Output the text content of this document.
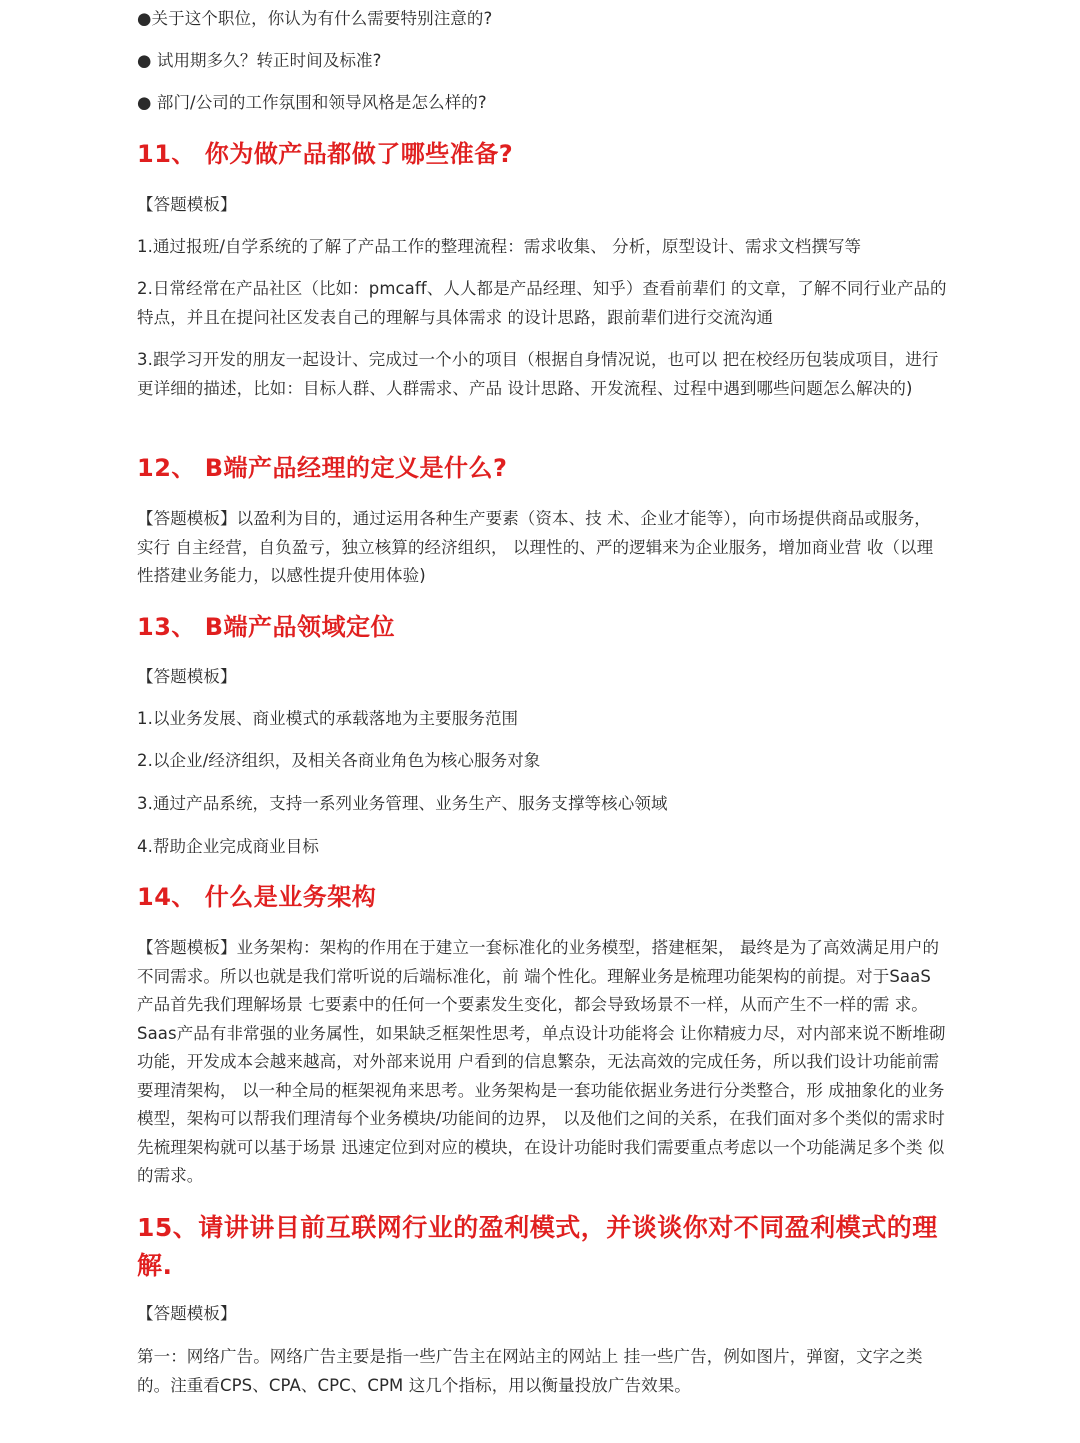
●关于这个职位，你认为有什么需要特别注意的?

● 试用期多久？转正时间及标准?

● 部门/公司的工作氛围和领导风格是怎么样的?

11、 你为做产品都做了哪些准备?

【答题模板】

1.通过报班/自学系统的了解了产品工作的整理流程：需求收集、 分析，原型设计、需求文档撰写等

2.日常经常在产品社区（比如：pmcaff、人人都是产品经理、知乎）查看前辈们 的文章，了解不同行业产品的特点，并且在提问社区发表自己的理解与具体需求 的设计思路，跟前辈们进行交流沟通

3.跟学习开发的朋友一起设计、完成过一个小的项目（根据自身情况说，也可以 把在校经历包装成项目，进行更详细的描述，比如：目标人群、人群需求、产品 设计思路、开发流程、过程中遇到哪些问题怎么解决的)

12、 B端产品经理的定义是什么?

【答题模板】以盈利为目的，通过运用各种生产要素（资本、技 术、企业才能等），向市场提供商品或服务，实行 自主经营，自负盈亏，独立核算的经济组织， 以理性的、严的逻辑来为企业服务，增加商业营 收（以理性搭建业务能力，以感性提升使用体验)

13、 B端产品领域定位

【答题模板】

1.以业务发展、商业模式的承载落地为主要服务范围

2.以企业/经济组织，及相关各商业角色为核心服务对象

3.通过产品系统，支持一系列业务管理、业务生产、服务支撑等核心领域

4.帮助企业完成商业目标

14、 什么是业务架构

【答题模板】业务架构：架构的作用在于建立一套标准化的业务模型，搭建框架， 最终是为了高效满足用户的不同需求。所以也就是我们常听说的后端标准化，前 端个性化。理解业务是梳理功能架构的前提。对于SaaS产品首先我们理解场景 七要素中的任何一个要素发生变化，都会导致场景不一样，从而产生不一样的需 求。Saas产品有非常强的业务属性，如果缺乏框架性思考，单点设计功能将会 让你精疲力尽，对内部来说不断堆砌功能，开发成本会越来越高，对外部来说用 户看到的信息繁杂，无法高效的完成任务，所以我们设计功能前需要理清架构， 以一种全局的框架视角来思考。业务架构是一套功能依据业务进行分类整合，形 成抽象化的业务模型，架构可以帮我们理清每个业务模块/功能间的边界， 以及他们之间的关系，在我们面对多个类似的需求时先梳理架构就可以基于场景 迅速定位到对应的模块，在设计功能时我们需要重点考虑以一个功能满足多个类 似的需求。

15、请讲讲目前互联网行业的盈利模式，并谈谈你对不同盈利模式的理解.

【答题模板】

第一：网络广告。网络广告主要是指一些广告主在网站主的网站上 挂一些广告，例如图片，弹窗，文字之类的。注重看CPS、CPA、CPC、CPM 这几个指标，用以衡量投放广告效果。
